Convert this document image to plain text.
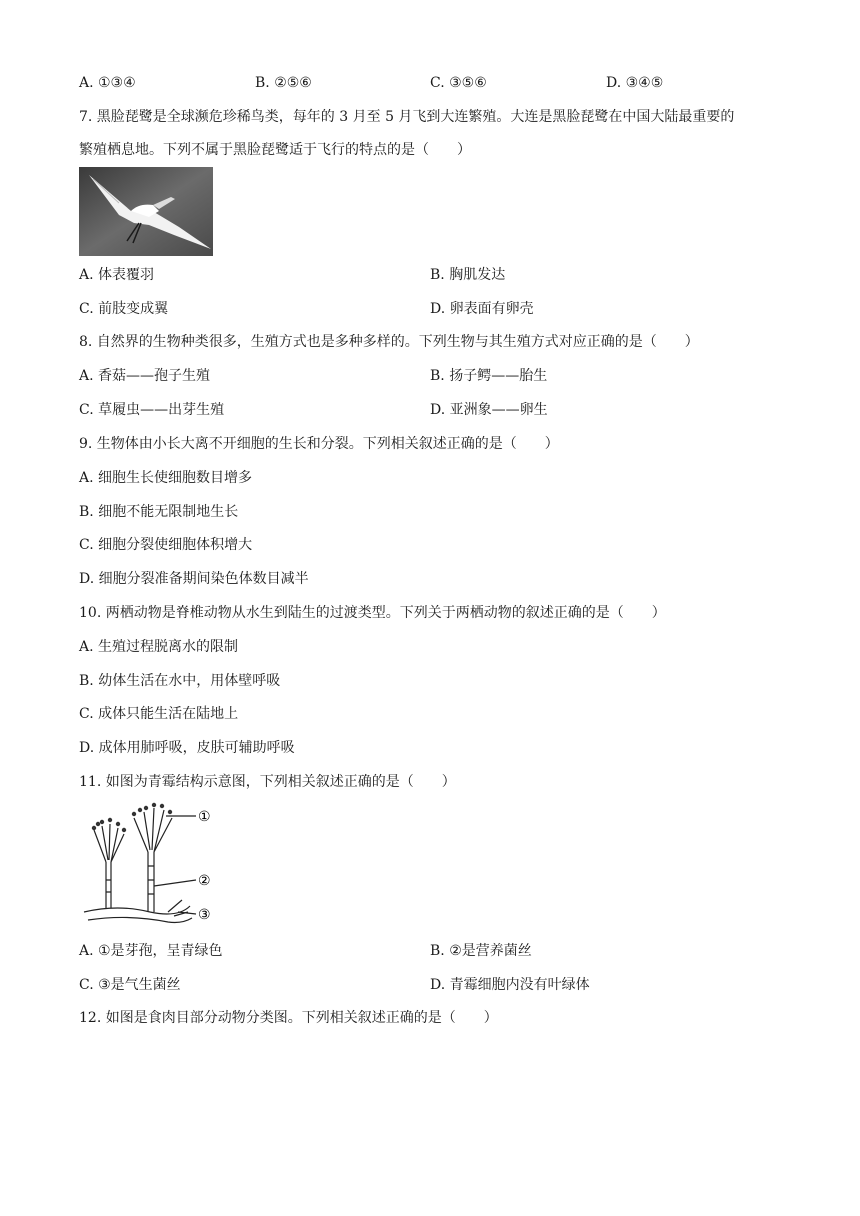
A. ①③④	B. ②⑤⑥	C. ③⑤⑥	D. ③④⑤
7. 黑脸琵鹭是全球濒危珍稀鸟类，每年的 3 月至 5 月飞到大连繁殖。大连是黑脸琵鹭在中国大陆最重要的
繁殖栖息地。下列不属于黑脸琵鹭适于飞行的特点的是（　　）
A. 体表覆羽	B. 胸肌发达
C. 前肢变成翼	D. 卵表面有卵壳
8. 自然界的生物种类很多，生殖方式也是多种多样的。下列生物与其生殖方式对应正确的是（　　）
A. 香菇——孢子生殖	B. 扬子鳄——胎生
C. 草履虫——出芽生殖	D. 亚洲象——卵生
9. 生物体由小长大离不开细胞的生长和分裂。下列相关叙述正确的是（　　）
A. 细胞生长使细胞数目增多
B. 细胞不能无限制地生长
C. 细胞分裂使细胞体积增大
D. 细胞分裂准备期间染色体数目减半
10. 两栖动物是脊椎动物从水生到陆生的过渡类型。下列关于两栖动物的叙述正确的是（　　）
A. 生殖过程脱离水的限制
B. 幼体生活在水中，用体壁呼吸
C. 成体只能生活在陆地上
D. 成体用肺呼吸，皮肤可辅助呼吸
11. 如图为青霉结构示意图，下列相关叙述正确的是（　　）
①
②
③
A. ①是芽孢，呈青绿色	B. ②是营养菌丝
C. ③是气生菌丝	D. 青霉细胞内没有叶绿体
12. 如图是食肉目部分动物分类图。下列相关叙述正确的是（　　）
